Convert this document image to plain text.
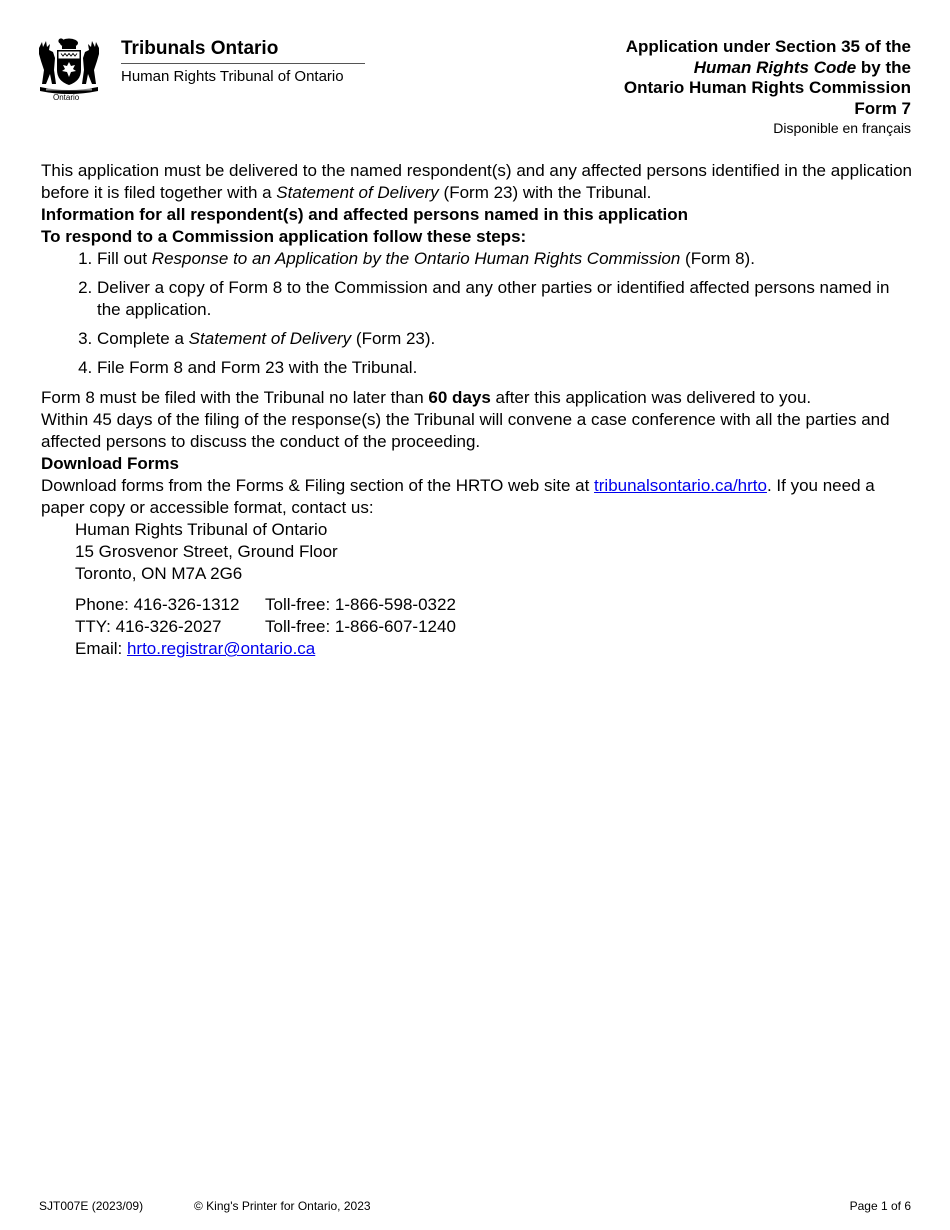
Ontario
Tribunals Ontario
Human Rights Tribunal of Ontario
Application under Section 35 of the
Human Rights Code by the
Ontario Human Rights Commission
Form 7
Disponible en français

This application must be delivered to the named respondent(s) and any affected persons identified in the application before it is filed together with a Statement of Delivery (Form 23) with the Tribunal.

Information for all respondent(s) and affected persons named in this application

To respond to a Commission application follow these steps:

1. Fill out Response to an Application by the Ontario Human Rights Commission (Form 8).
2. Deliver a copy of Form 8 to the Commission and any other parties or identified affected persons named in the application.
3. Complete a Statement of Delivery (Form 23).
4. File Form 8 and Form 23 with the Tribunal.

Form 8 must be filed with the Tribunal no later than 60 days after this application was delivered to you.

Within 45 days of the filing of the response(s) the Tribunal will convene a case conference with all the parties and affected persons to discuss the conduct of the proceeding.

Download Forms

Download forms from the Forms & Filing section of the HRTO web site at tribunalsontario.ca/hrto. If you need a paper copy or accessible format, contact us:

Human Rights Tribunal of Ontario
15 Grosvenor Street, Ground Floor
Toronto, ON M7A 2G6
Phone: 416-326-1312 Toll-free: 1-866-598-0322
TTY: 416-326-2027	Toll-free: 1-866-607-1240
Email: hrto.registrar@ontario.ca
SJT007E (2023/09)	© King's Printer for Ontario, 2023	Page 1 of 6
